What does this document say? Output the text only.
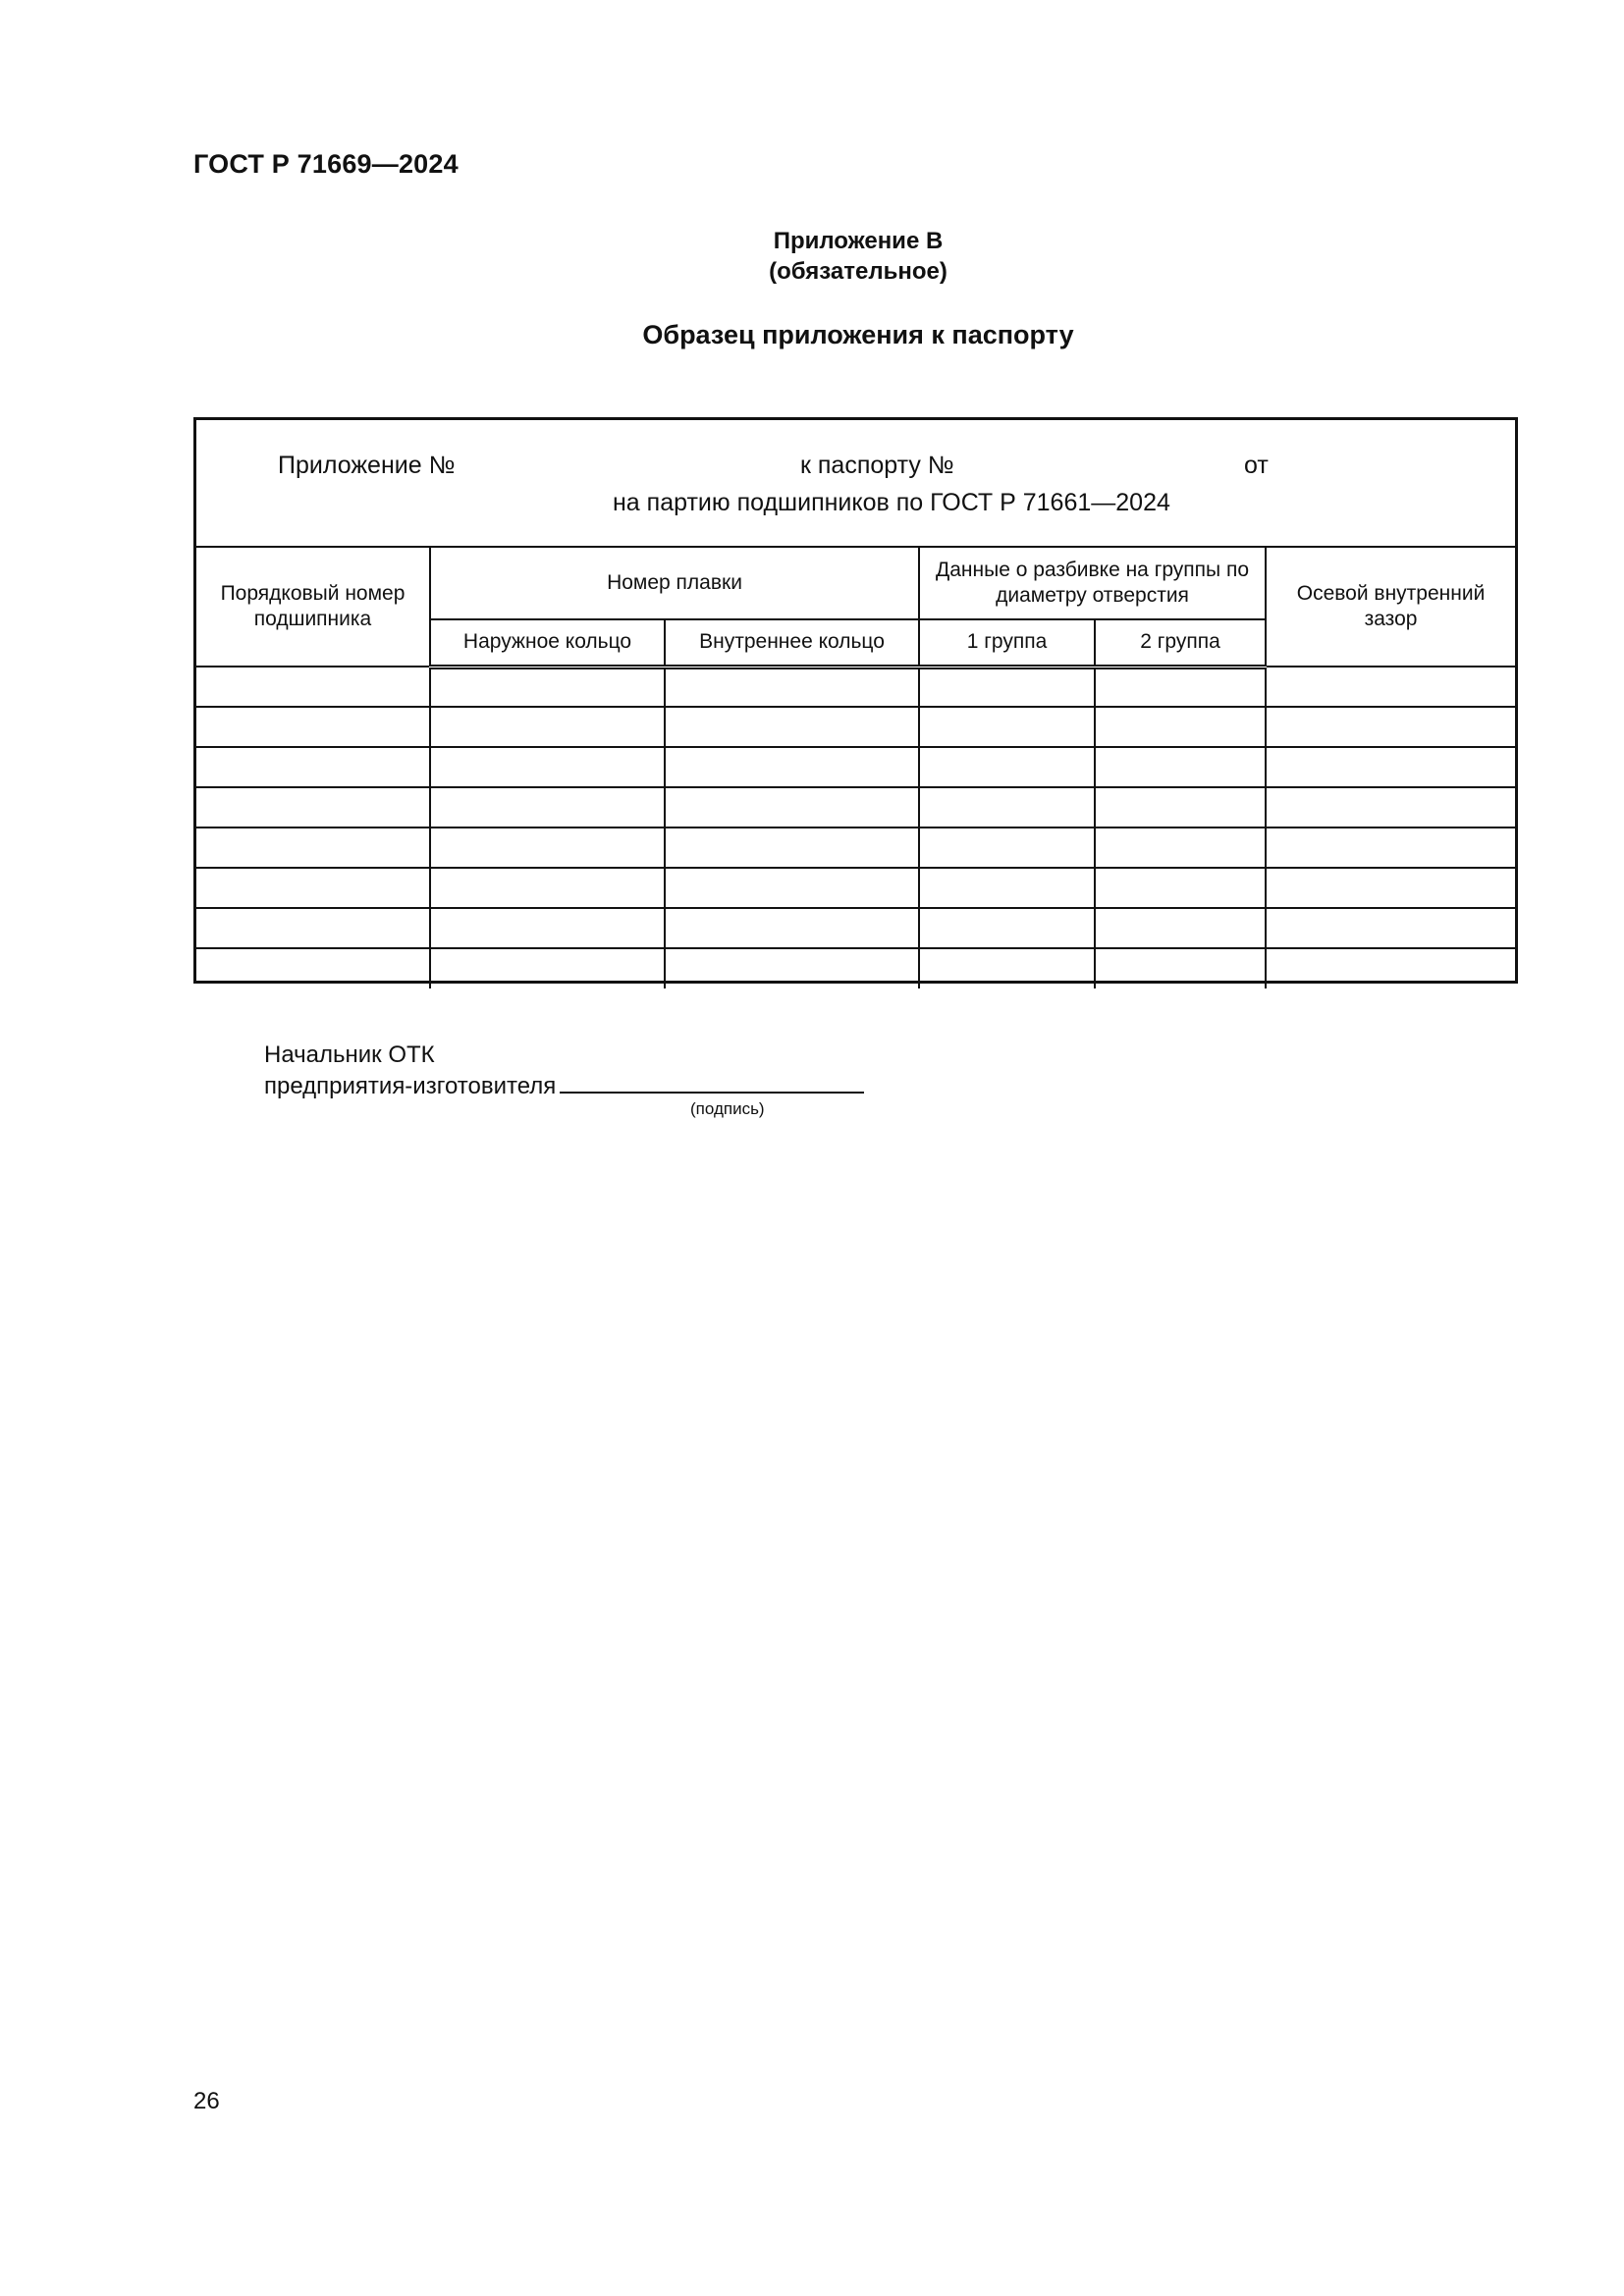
ГОСТ Р 71669—2024
Приложение В
(обязательное)
Образец приложения к паспорту
Приложение №	к паспорту №	от
на партию подшипников по ГОСТ Р 71661—2024
Порядковый номер подшипника	Номер плавки		Данные о разбивке на группы по диаметру отверстия		Осевой внутренний зазор
	Наружное кольцо	Внутреннее кольцо	1 группа	2 группа	

Начальник ОТК
предприятия-изготовителя
(подпись)
26
